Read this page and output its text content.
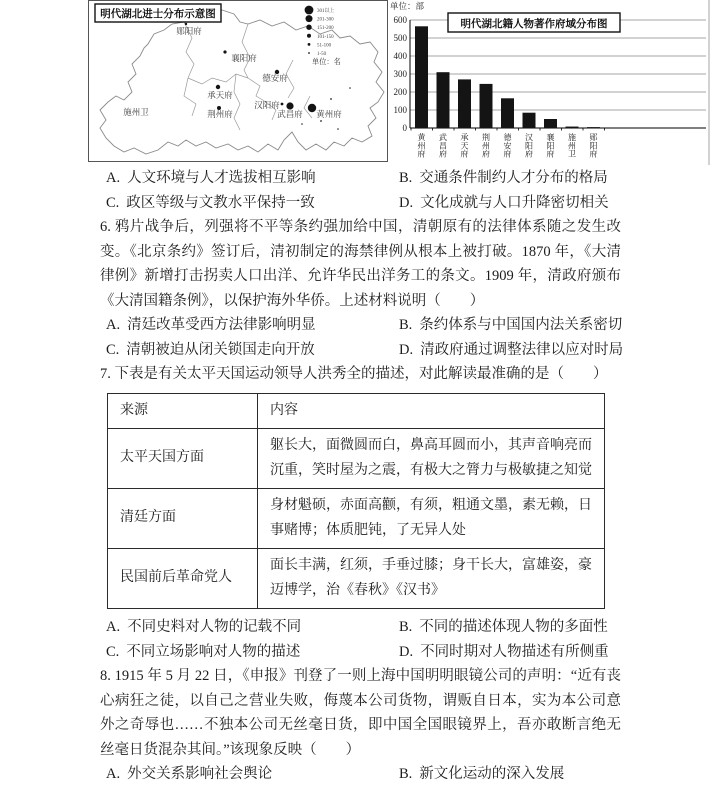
郧阳府
襄阳府
德安府
承天府
汉阳府
武昌府 黄州府
荆州府
施州卫
301以上
201-300
151-200
101-150
51-100
1-50
单位：名
明代湖北进士分布示意图
单位：部
0
100
200
300
400
500
600
黄州府
武昌府
承天府
荆州府
德安府
汉阳府
襄阳府
施州卫
郧阳府
明代湖北籍人物著作府域分布图
A. 人文环境与人才选拔相互影响	B. 交通条件制约人才分布的格局
C. 政区等级与文教水平保持一致	D. 文化成就与人口升降密切相关

6. 鸦片战争后，列强将不平等条约强加给中国，清朝原有的法律体系随之发生改变。《北京条约》签订后，清初制定的海禁律例从根本上被打破。1870 年，《大清律例》新增打击拐卖人口出洋、允许华民出洋务工的条文。1909 年，清政府颁布《大清国籍条例》，以保护海外华侨。上述材料说明（　　）

A. 清廷改革受西方法律影响明显	B. 条约体系与中国国内法关系密切
C. 清朝被迫从闭关锁国走向开放	D. 清政府通过调整法律以应对时局

7. 下表是有关太平天国运动领导人洪秀全的描述，对此解读最准确的是（　　）

来源	内容
太平天国方面	躯长大，面微圆而白，鼻高耳圆而小，其声音响亮而沉重，笑时屋为之震，有极大之膂力与极敏捷之知觉
清廷方面	身材魁硕，赤面高颧，有须，粗通文墨，素无赖，日事赌博；体质肥钝，了无异人处
民国前后革命党人	面长丰满，红须，手垂过膝；身干长大，富雄姿，豪迈博学，治《春秋》《汉书》
A. 不同史料对人物的记载不同	B. 不同的描述体现人物的多面性
C. 不同立场影响对人物的描述	D. 不同时期对人物描述有所侧重

8. 1915 年 5 月 22 日，《申报》刊登了一则上海中国明明眼镜公司的声明：“近有丧心病狂之徒，以自己之营业失败，侮蔑本公司货物，谓贩自日本，实为本公司意外之奇辱也……不独本公司无丝毫日货，即中国全国眼镜界上，吾亦敢断言绝无丝毫日货混杂其间。”该现象反映（　　）

A. 外交关系影响社会舆论	B. 新文化运动的深入发展
